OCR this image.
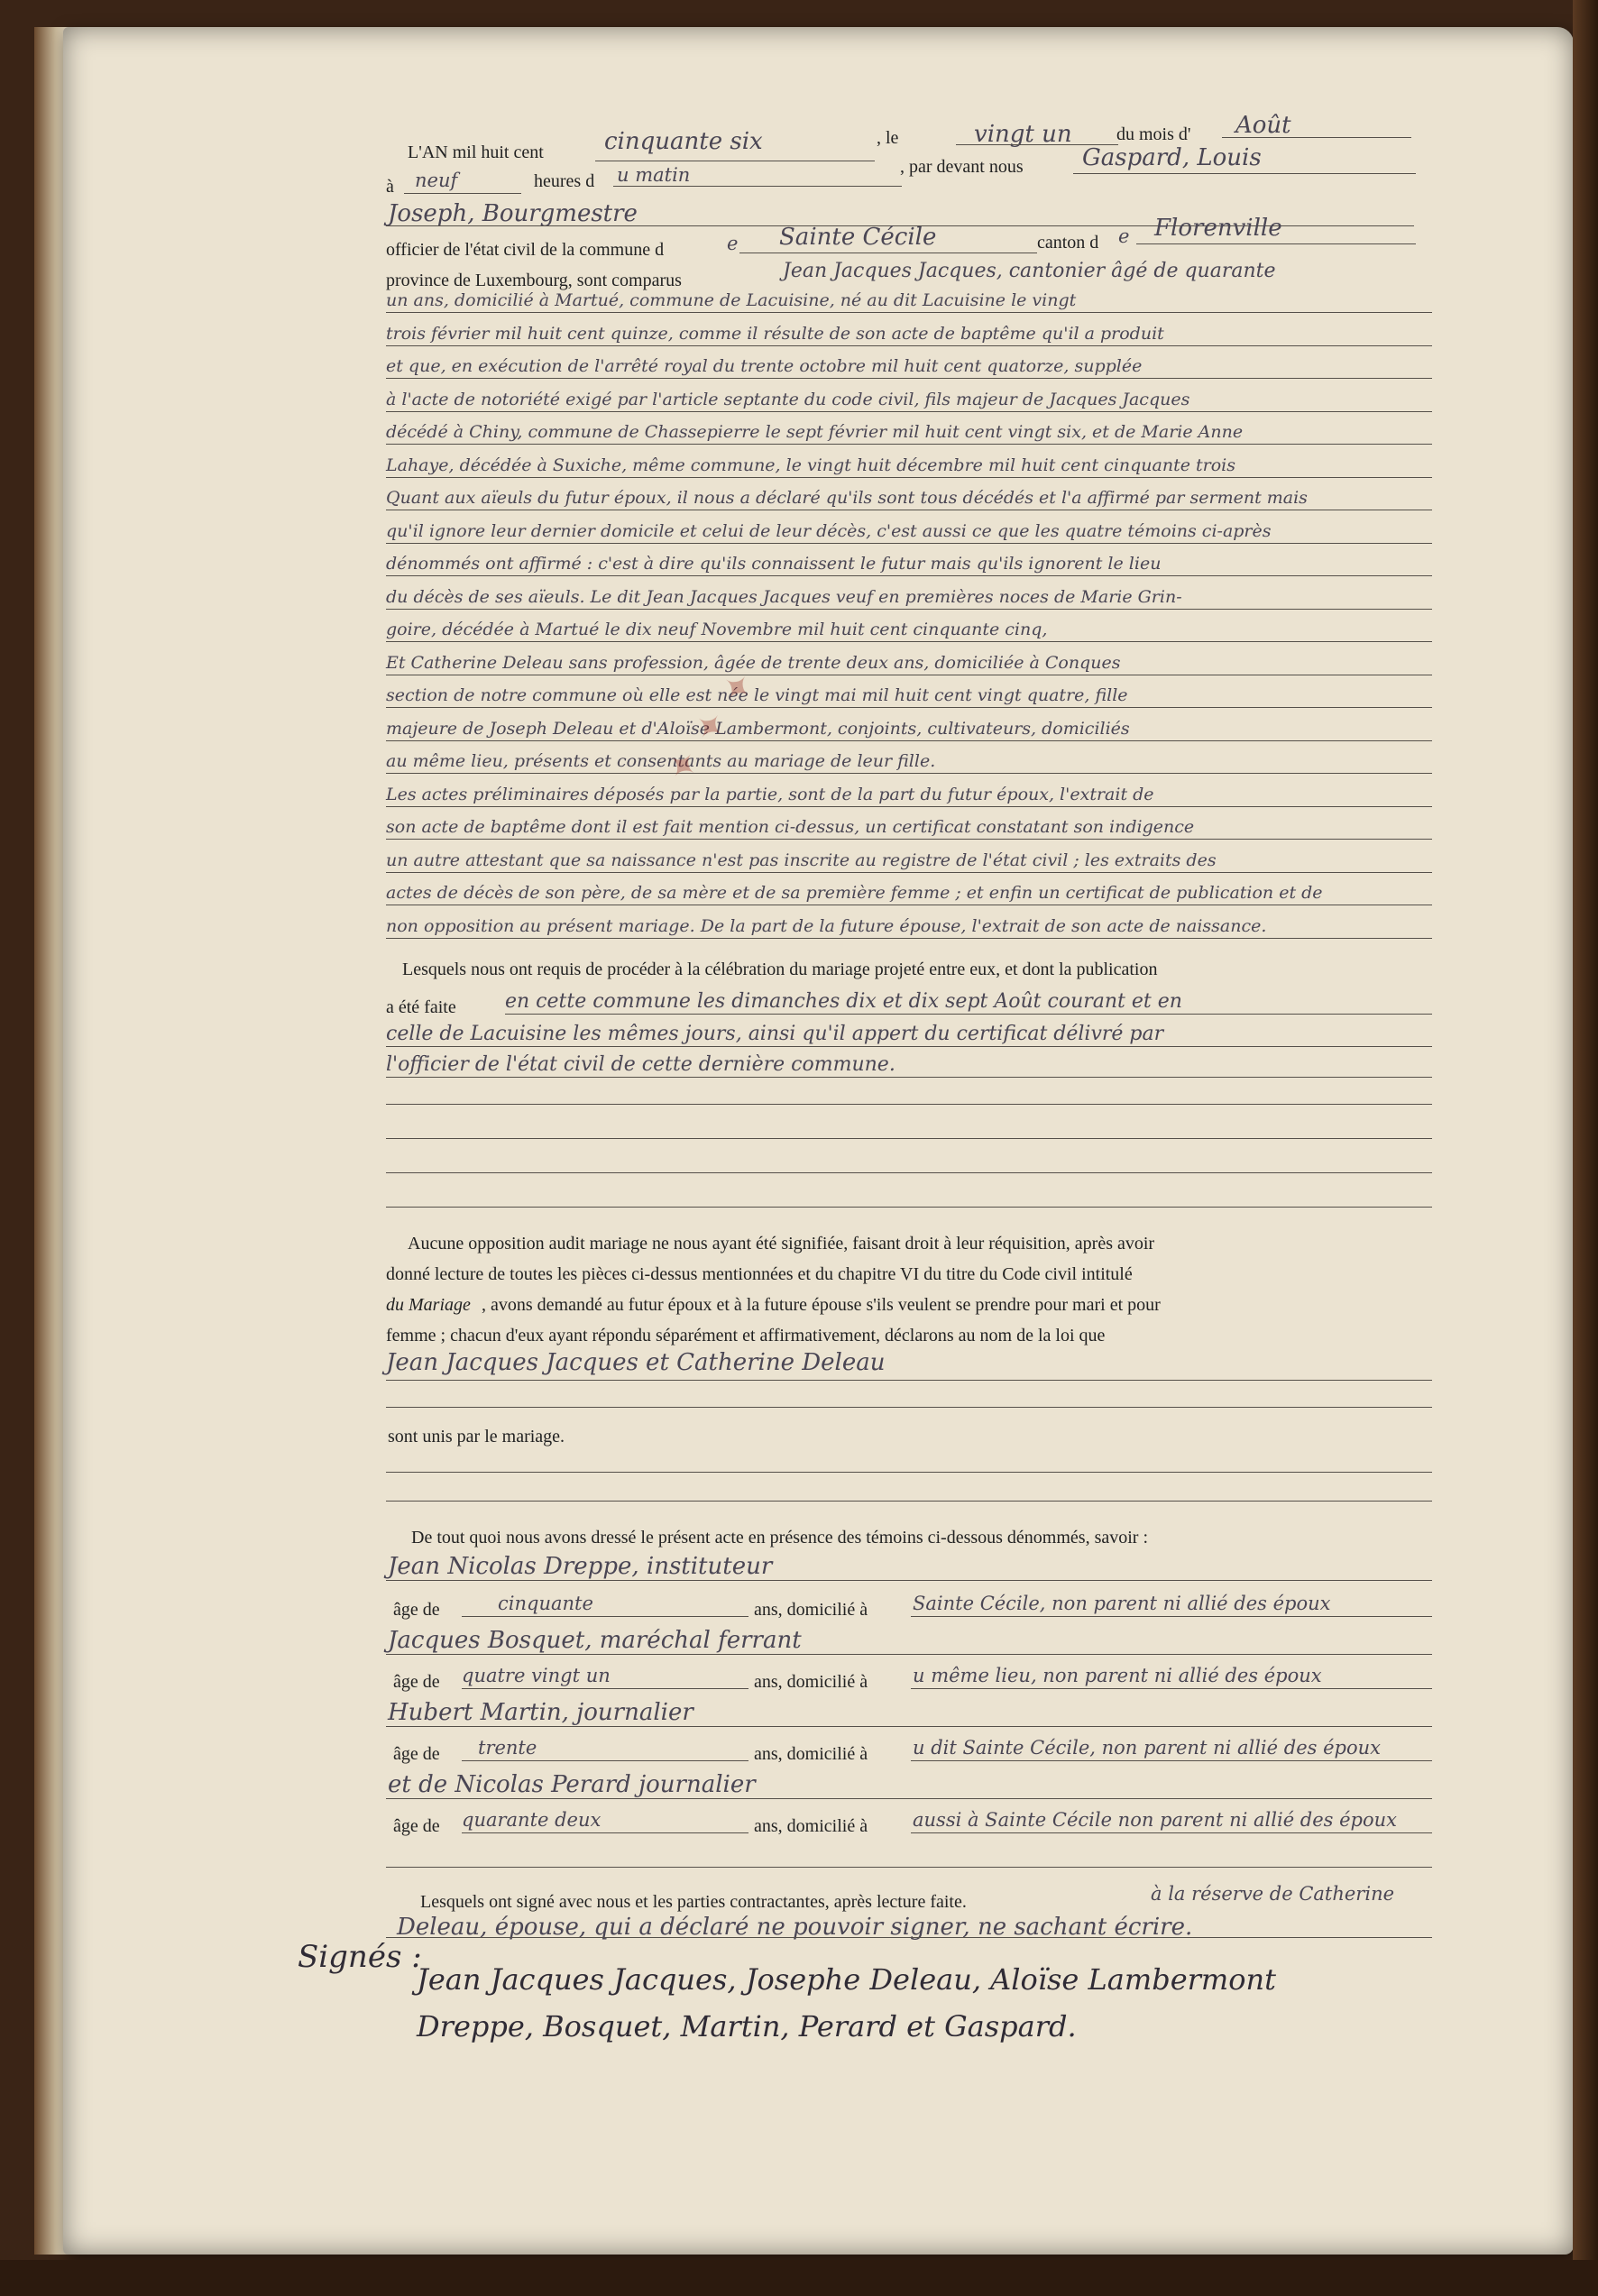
L'AN mil huit cent	cinquante six	, le	vingt un du mois d' Août
à neuf	heures d u matin	, par devant nous	Gaspard, Louis
Joseph, Bourgmestre
officier de l'état civil de la commune d	e Sainte Cécile	canton d e Florenville
province de Luxembourg, sont comparus	Jean Jacques Jacques, cantonier âgé de quarante
un ans, domicilié à Martué, commune de Lacuisine, né au dit Lacuisine le vingt
trois février mil huit cent quinze, comme il résulte de son acte de baptême qu'il a produit
et que, en exécution de l'arrêté royal du trente octobre mil huit cent quatorze, supplée
à l'acte de notoriété exigé par l'article septante du code civil, fils majeur de Jacques Jacques
décédé à Chiny, commune de Chassepierre le sept février mil huit cent vingt six, et de Marie Anne
Lahaye, décédée à Suxiche, même commune, le vingt huit décembre mil huit cent cinquante trois
Quant aux aïeuls du futur époux, il nous a déclaré qu'ils sont tous décédés et l'a affirmé par serment mais
qu'il ignore leur dernier domicile et celui de leur décès, c'est aussi ce que les quatre témoins ci-après
dénommés ont affirmé : c'est à dire qu'ils connaissent le futur mais qu'ils ignorent le lieu
du décès de ses aïeuls. Le dit Jean Jacques Jacques veuf en premières noces de Marie Grin-
goire, décédée à Martué le dix neuf Novembre mil huit cent cinquante cinq,
Et Catherine Deleau sans profession, âgée de trente deux ans, domiciliée à Conques
section de notre commune où elle est née le vingt mai mil huit cent vingt quatre, fille
majeure de Joseph Deleau et d'Aloïse Lambermont, conjoints, cultivateurs, domiciliés
au même lieu, présents et consentants au mariage de leur fille.
Les actes préliminaires déposés par la partie, sont de la part du futur époux, l'extrait de
son acte de baptême dont il est fait mention ci-dessus, un certificat constatant son indigence
un autre attestant que sa naissance n'est pas inscrite au registre de l'état civil ; les extraits des
actes de décès de son père, de sa mère et de sa première femme ; et enfin un certificat de publication et de
non opposition au présent mariage. De la part de la future épouse, l'extrait de son acte de naissance.
Lesquels nous ont requis de procéder à la célébration du mariage projeté entre eux, et dont la publication
a été faite en cette commune les dimanches dix et dix sept Août courant et en
celle de Lacuisine les mêmes jours, ainsi qu'il appert du certificat délivré par
l'officier de l'état civil de cette dernière commune.
✦ ✦ ✦
Aucune opposition audit mariage ne nous ayant été signifiée, faisant droit à leur réquisition, après avoir
donné lecture de toutes les pièces ci-dessus mentionnées et du chapitre VI du titre du Code civil intitulé
du Mariage , avons demandé au futur époux et à la future épouse s'ils veulent se prendre pour mari et pour
femme ; chacun d'eux ayant répondu séparément et affirmativement, déclarons au nom de la loi que
Jean Jacques Jacques et Catherine Deleau
sont unis par le mariage.
De tout quoi nous avons dressé le présent acte en présence des témoins ci-dessous dénommés, savoir :
Jean Nicolas Dreppe, instituteur
âge de	cinquante	ans, domicilié à Sainte Cécile, non parent ni allié des époux
Jacques Bosquet, maréchal ferrant
âge de quatre vingt un	ans, domicilié à u même lieu, non parent ni allié des époux
Hubert Martin, journalier
âge de trente	ans, domicilié à u dit Sainte Cécile, non parent ni allié des époux
et de Nicolas Perard journalier
âge de quarante deux	ans, domicilié à aussi à Sainte Cécile non parent ni allié des époux
Lesquels ont signé avec nous et les parties contractantes, après lecture faite.	à la réserve de Catherine
Deleau, épouse, qui a déclaré ne pouvoir signer, ne sachant écrire.
Signés :
Jean Jacques Jacques, Josephe Deleau, Aloïse Lambermont
Dreppe, Bosquet, Martin, Perard et Gaspard.
